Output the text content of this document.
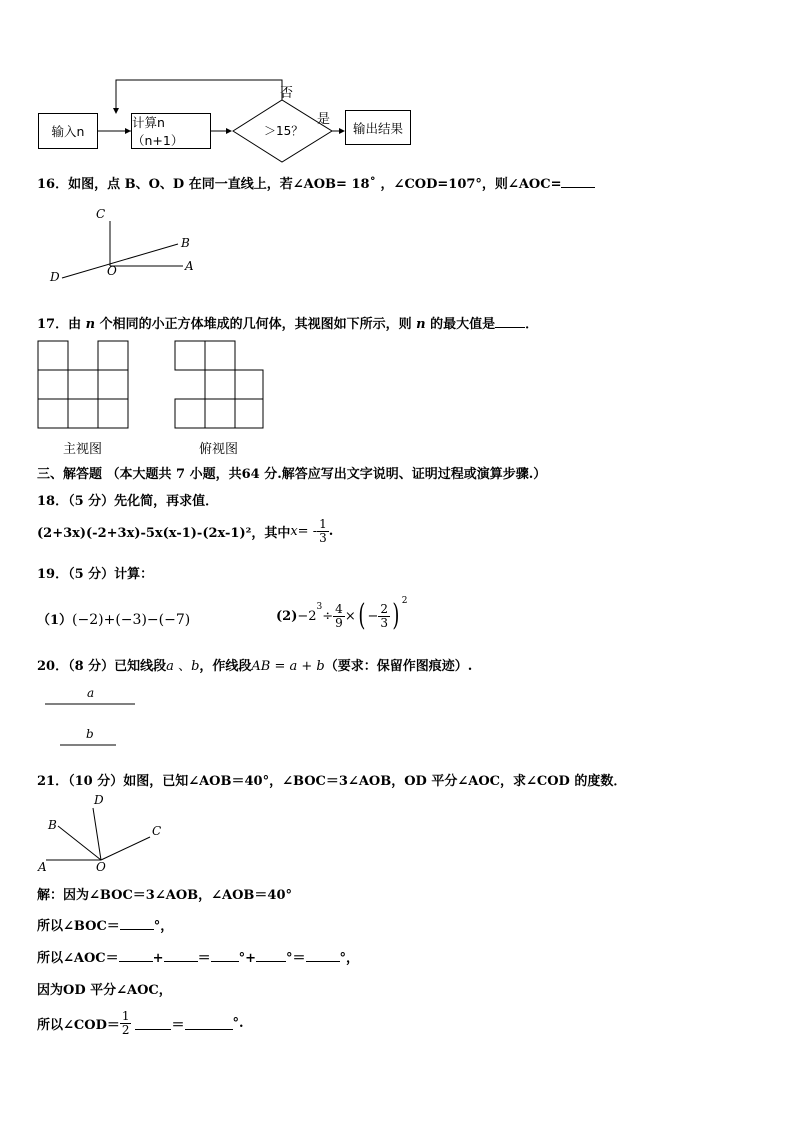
输入n
计算n（n+1）
＞15？
否
是
输出结果
16．如图，点 B、O、D 在同一直线上，若∠AOB= 18˚ ，∠COD=107°，则∠AOC=
C
B
D	O	A
17．由 n 个相同的小正方体堆成的几何体，其视图如下所示，则 n 的最大值是 ．
主视图	俯视图
三、解答题 （本大题共 7 小题，共64 分.解答应写出文字说明、证明过程或演算步骤.）
18．（5 分）先化简，再求值．
(2+3x)(-2+3x)-5x(x-1)-(2x-1)²，其中 x = - $\frac{1}{3}$ .
19．（5 分）计算：
（1）(−2)+(−3)−(−7)	(2) −2
$^3$
÷ $\frac{4}{9}$ × ( − $\frac{2}{3}$ ) $^2$
20．（8 分）已知线段a 、b，作线段AB = a + b（要求：保留作图痕迹）.
a
b
21．（10 分）如图，已知∠AOB＝40°，∠BOC＝3∠AOB，OD 平分∠AOC，求∠COD 的度数．
D
B	C
A	O
解：因为∠BOC＝3∠AOB，∠AOB＝40°
所以∠BOC＝	°，
所以∠AOC＝	+	＝ °+ °＝	°，
因为OD 平分∠AOC，
所以∠COD＝ $\frac{1}{2}$	＝	°.
